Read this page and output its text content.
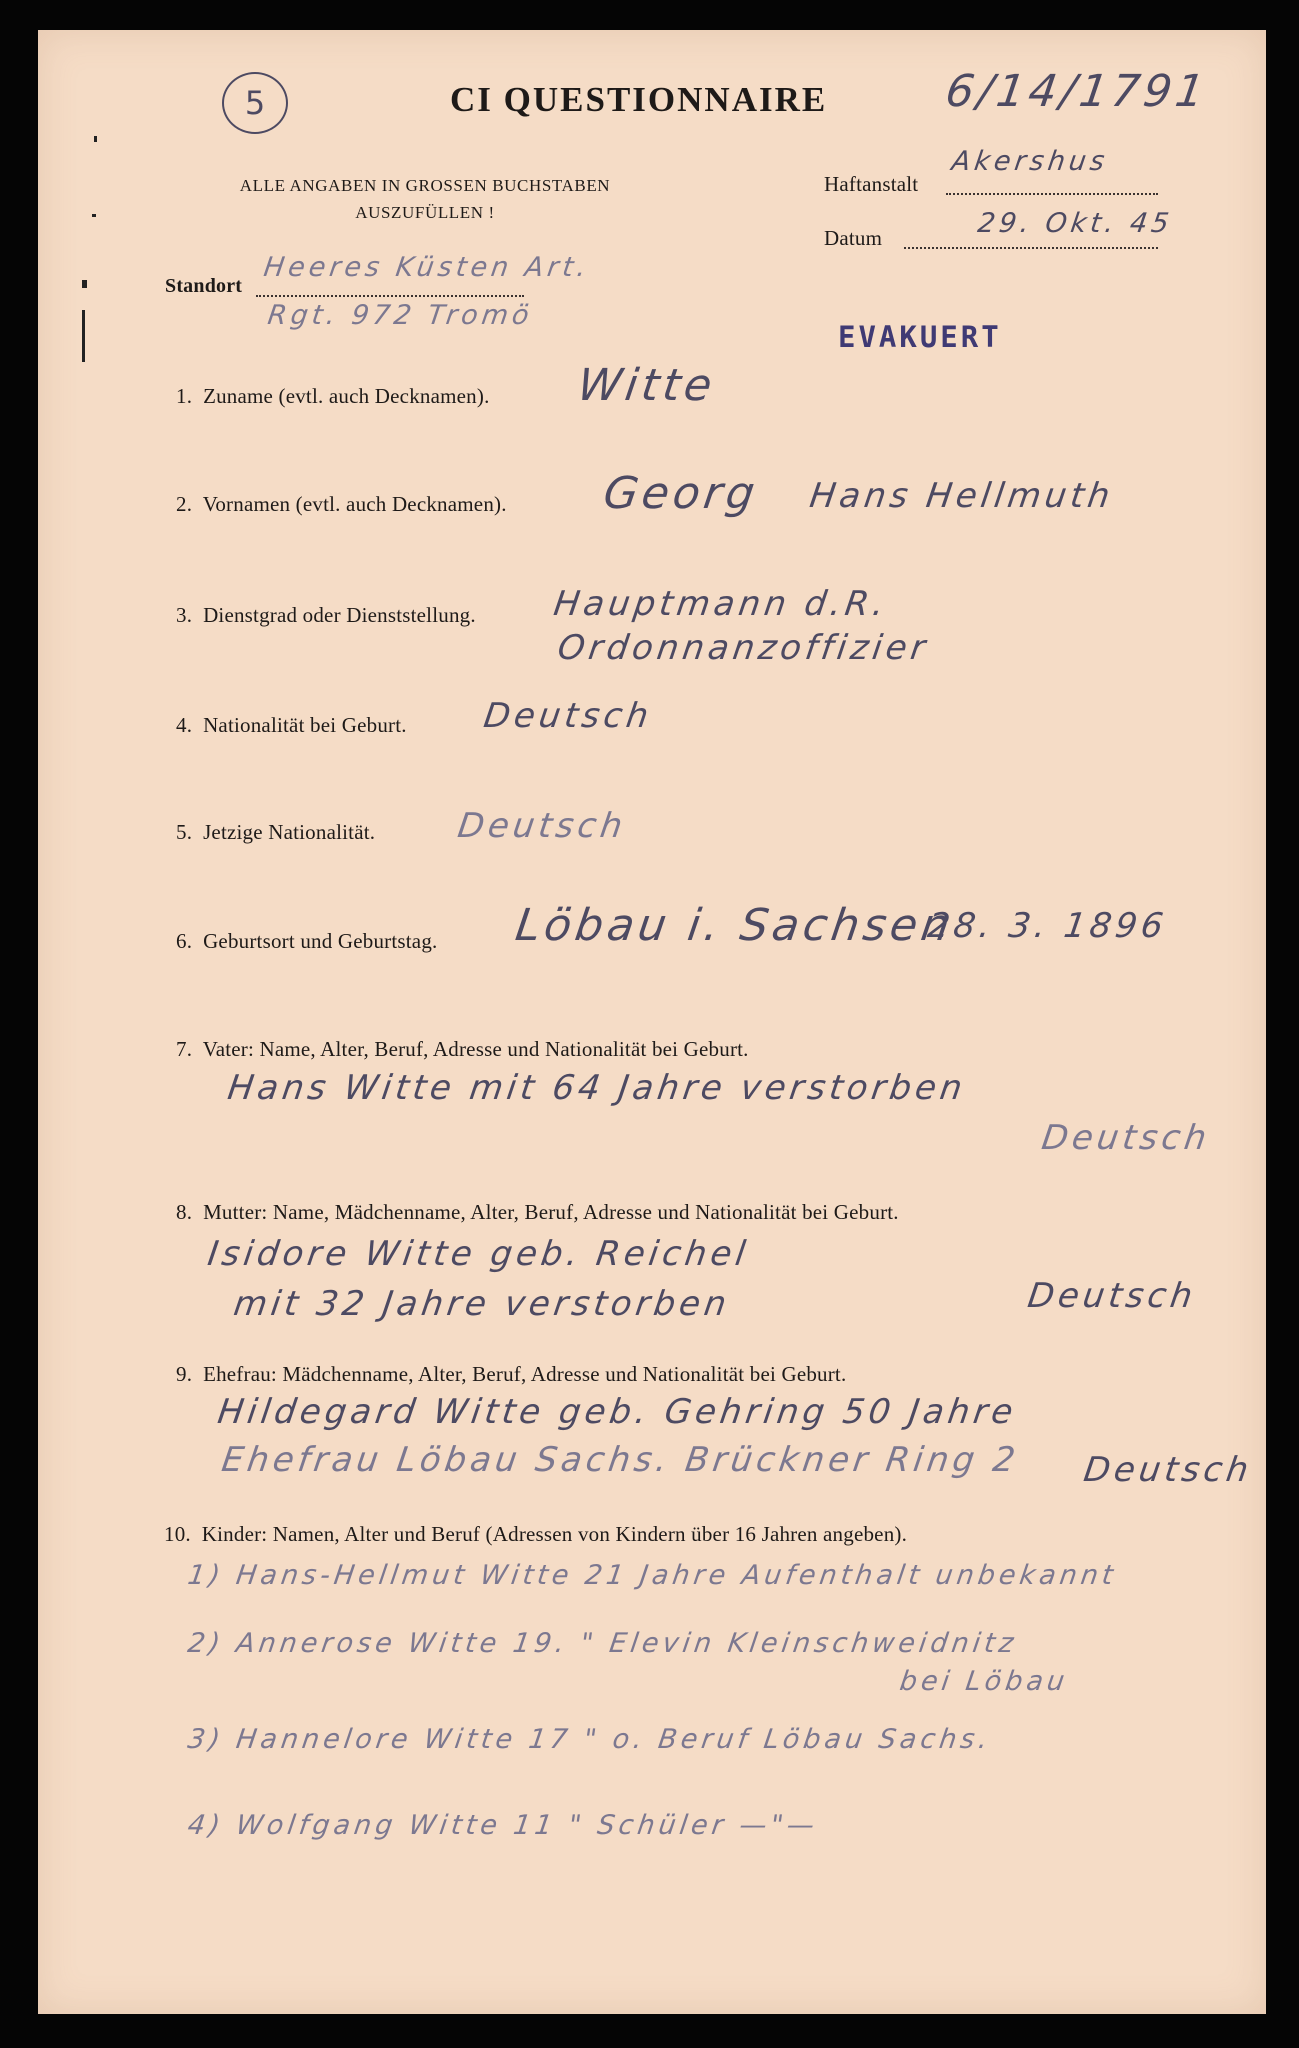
5	CI QUESTIONNAIRE	6/14/1791
ALLE ANGABEN IN GROSSEN BUCHSTABEN
AUSZUFÜLLEN !
Haftanstalt
Akershus
Datum	29. Okt. 45
Standort
Heeres Küsten Art.
Rgt. 972 Tromö
EVAKUERT
1. Zuname (evtl. auch Decknamen). Witte
2. Vornamen (evtl. auch Decknamen). Georg Hans Hellmuth
3. Dienstgrad oder Dienststellung. Hauptmann d.R.
Ordonnanzoffizier
4. Nationalität bei Geburt. Deutsch
5. Jetzige Nationalität. Deutsch
6. Geburtsort und Geburtstag. Löbau i. Sachsen
28. 3. 1896
7. Vater: Name, Alter, Beruf, Adresse und Nationalität bei Geburt.
Hans Witte mit 64 Jahre verstorben
Deutsch
8. Mutter: Name, Mädchenname, Alter, Beruf, Adresse und Nationalität bei Geburt.
Isidore Witte geb. Reichel
mit 32 Jahre verstorben	Deutsch
9. Ehefrau: Mädchenname, Alter, Beruf, Adresse und Nationalität bei Geburt.
Hildegard Witte geb. Gehring 50 Jahre
Ehefrau Löbau Sachs. Brückner Ring 2 Deutsch
10. Kinder: Namen, Alter und Beruf (Adressen von Kindern über 16 Jahren angeben).
1) Hans-Hellmut Witte 21 Jahre Aufenthalt unbekannt
2) Annerose Witte 19. " Elevin Kleinschweidnitz
bei Löbau
3) Hannelore Witte 17 " o. Beruf Löbau Sachs.
4) Wolfgang Witte 11 " Schüler —"—
